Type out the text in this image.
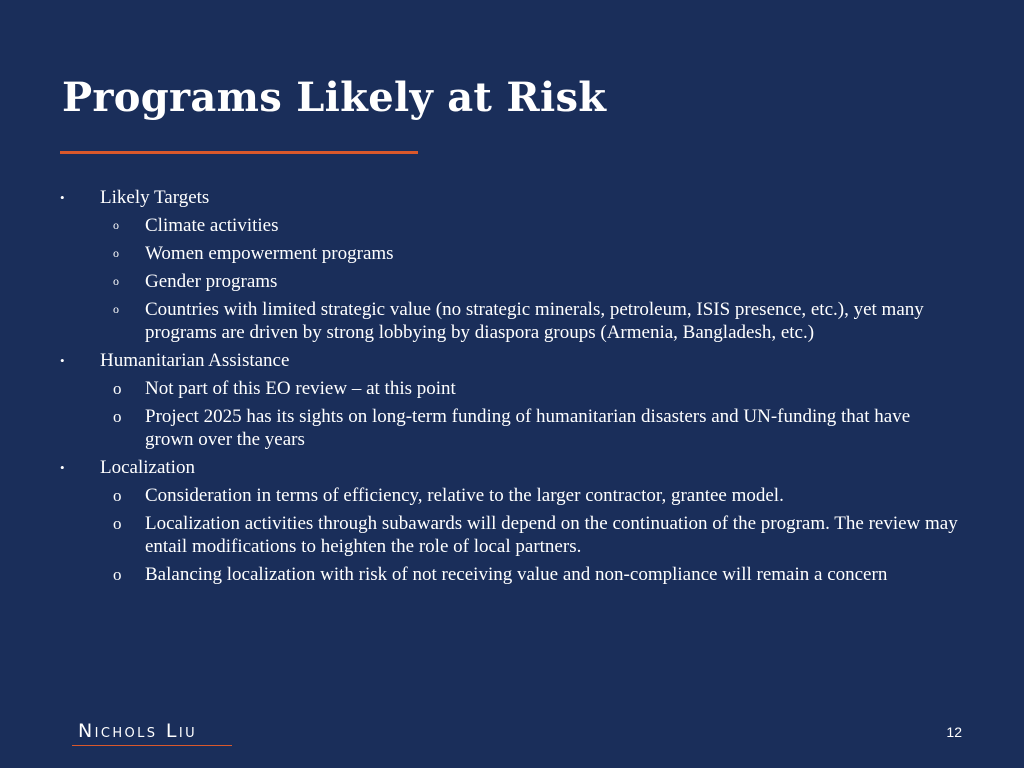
Programs Likely at Risk
• Likely Targets
o Climate activities
o Women empowerment programs
o Gender programs
o Countries with limited strategic value (no strategic minerals, petroleum, ISIS presence, etc.), yet many programs are driven by strong lobbying by diaspora groups (Armenia, Bangladesh, etc.)
• Humanitarian Assistance
o Not part of this EO review – at this point
o Project 2025 has its sights on long-term funding of humanitarian disasters and UN-funding that have grown over the years
• Localization
o Consideration in terms of efficiency, relative to the larger contractor, grantee model.
o Localization activities through subawards will depend on the continuation of the program. The review may entail modifications to heighten the role of local partners.
o Balancing localization with risk of not receiving value and non-compliance will remain a concern

Nichols Liu	12
